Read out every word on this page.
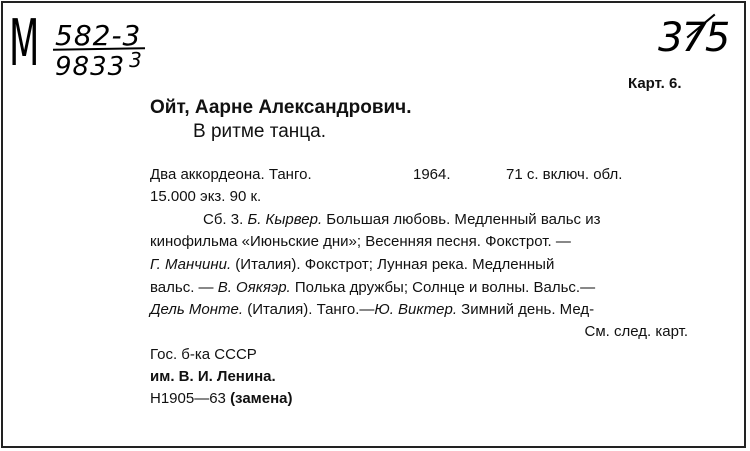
М 582-3
9833 $^3$	375
Карт. 6.
Ойт, Аарне Александрович.
В ритме танца.
Два аккордеона. Танго.	1964.	71 с. включ. обл.
15.000 экз. 90 к.
Сб. 3. Б. Кырвер. Большая любовь. Медленный вальс из
кинофильма «Июньские дни»; Весенняя песня. Фокстрот. —
Г. Манчини. (Италия). Фокстрот; Лунная река. Медленный
вальс. — В. Оякяэр. Полька дружбы; Солнце и волны. Вальс.—
Дель Монте. (Италия). Танго.—Ю. Виктер. Зимний день. Мед-
См. след. карт.
Гос. б-ка СССР
им. В. И. Ленина.
Н1905—63 (замена)
